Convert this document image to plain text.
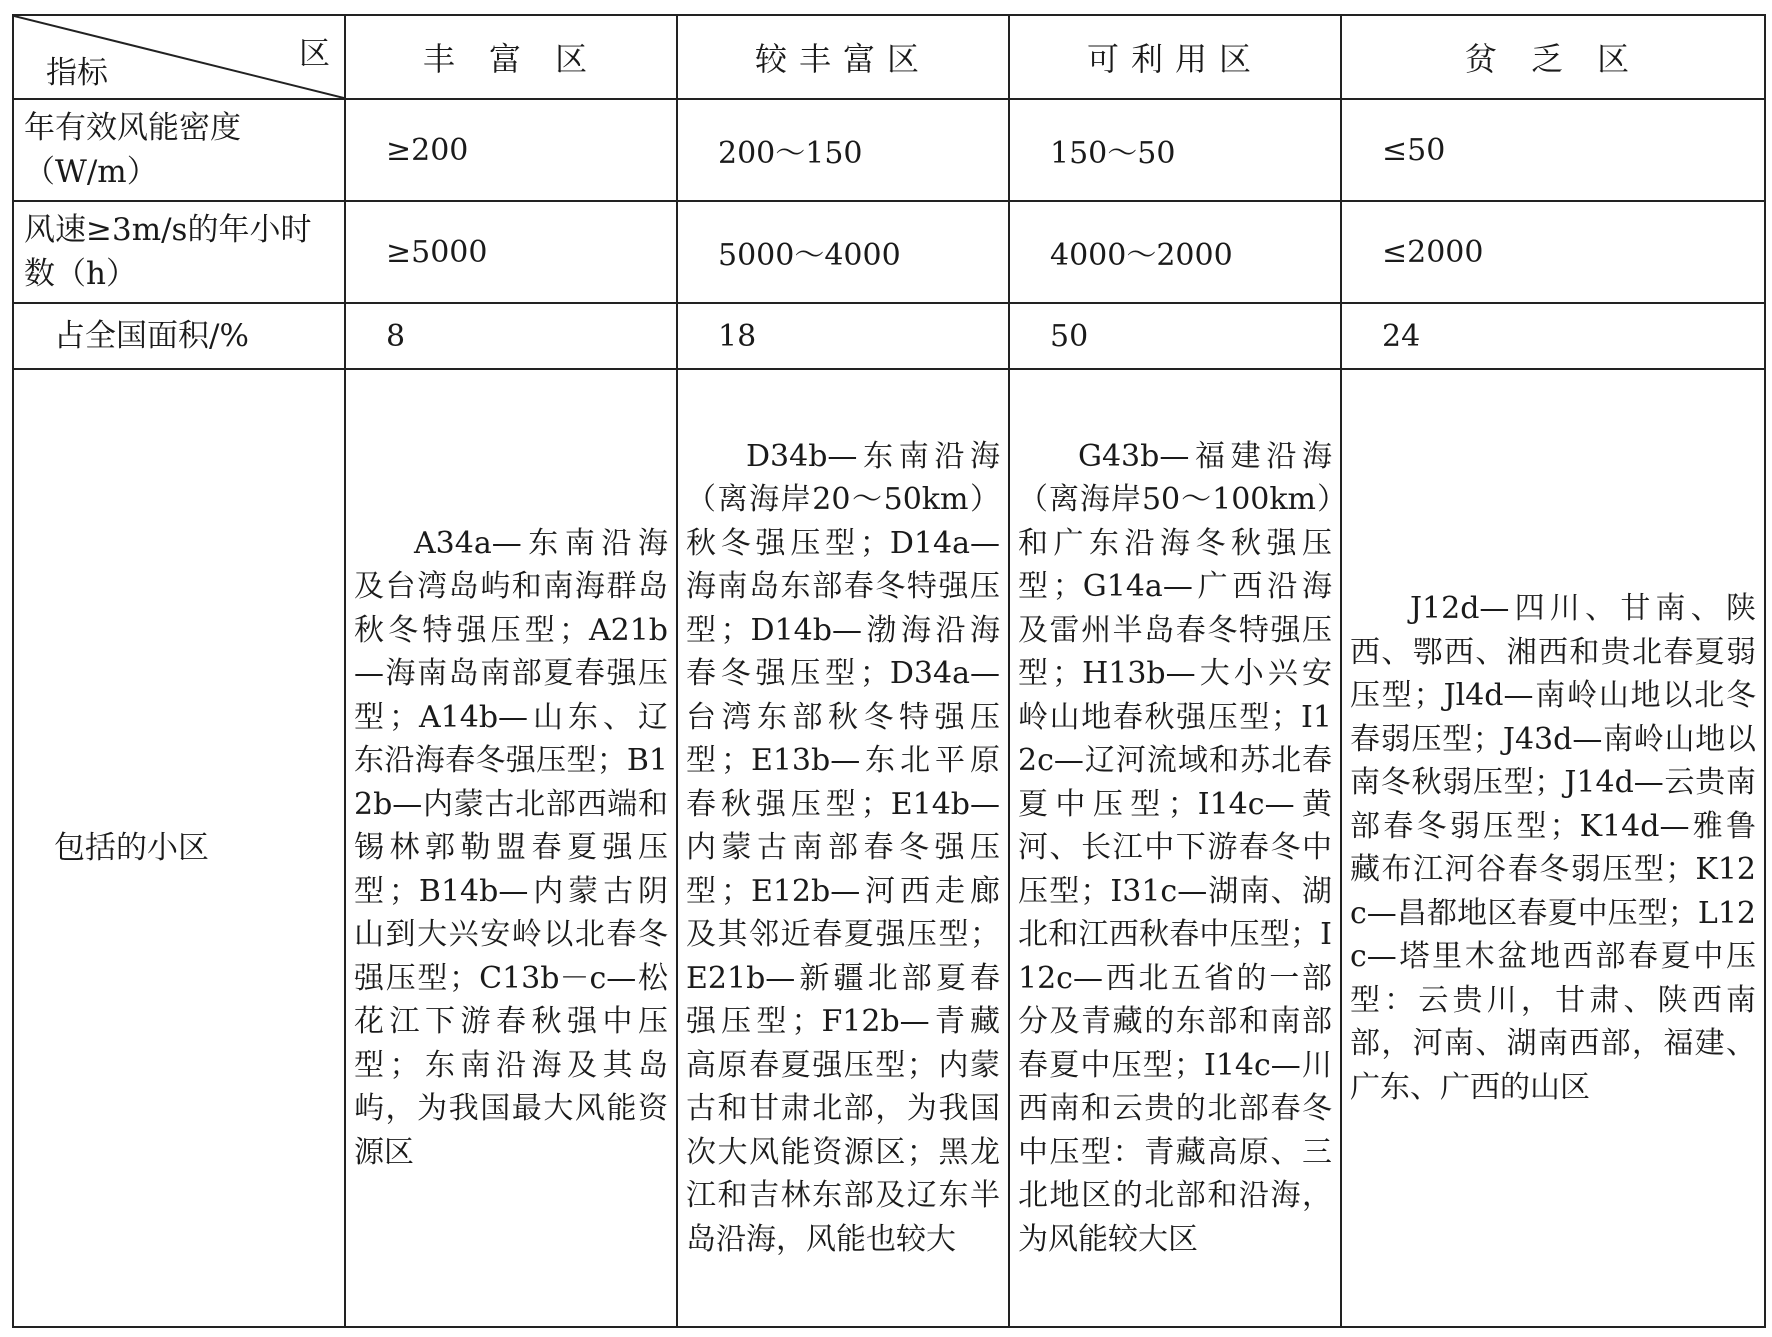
区
指标	丰 富 区	较丰富区	可利用区	贫 乏 区
年有效风能密度（W/m）	≥200	200～150	150～50	≤50
风速≥3m/s的年小时数（h）	≥5000	5000～4000	4000～2000	≤2000
占全国面积/%	8	18	50	24
包括的小区	A34a—东南沿海及台湾岛屿和南海群岛秋冬特强压型；A21b—海南岛南部夏春强压型；A14b—山东、辽东沿海春冬强压型；B12b—内蒙古北部西端和锡林郭勒盟春夏强压型；B14b—内蒙古阴山到大兴安岭以北春冬强压型；C13b－c—松花江下游春秋强中压型；东南沿海及其岛屿，为我国最大风能资源区	D34b—东南沿海（离海岸20～50km）秋冬强压型；D14a—海南岛东部春冬特强压型；D14b—渤海沿海春冬强压型；D34a—台湾东部秋冬特强压型；E13b—东北平原春秋强压型；E14b—内蒙古南部春冬强压型；E12b—河西走廊及其邻近春夏强压型；E21b—新疆北部夏春强压型；F12b—青藏高原春夏强压型；内蒙古和甘肃北部，为我国次大风能资源区；黑龙江和吉林东部及辽东半岛沿海，风能也较大	G43b—福建沿海（离海岸50～100km）和广东沿海冬秋强压型；G14a—广西沿海及雷州半岛春冬特强压型；H13b—大小兴安岭山地春秋强压型；I12c—辽河流域和苏北春夏中压型；I14c—黄河、长江中下游春冬中压型；I31c—湖南、湖北和江西秋春中压型；I12c—西北五省的一部分及青藏的东部和南部春夏中压型；I14c—川西南和云贵的北部春冬中压型：青藏高原、三北地区的北部和沿海，为风能较大区	J12d—四川、甘南、陕西、鄂西、湘西和贵北春夏弱压型；Jl4d—南岭山地以北冬春弱压型；J43d—南岭山地以南冬秋弱压型；J14d—云贵南部春冬弱压型；K14d—雅鲁藏布江河谷春冬弱压型；K12c—昌都地区春夏中压型；L12c—塔里木盆地西部春夏中压型：云贵川，甘肃、陕西南部，河南、湖南西部，福建、广东、广西的山区
